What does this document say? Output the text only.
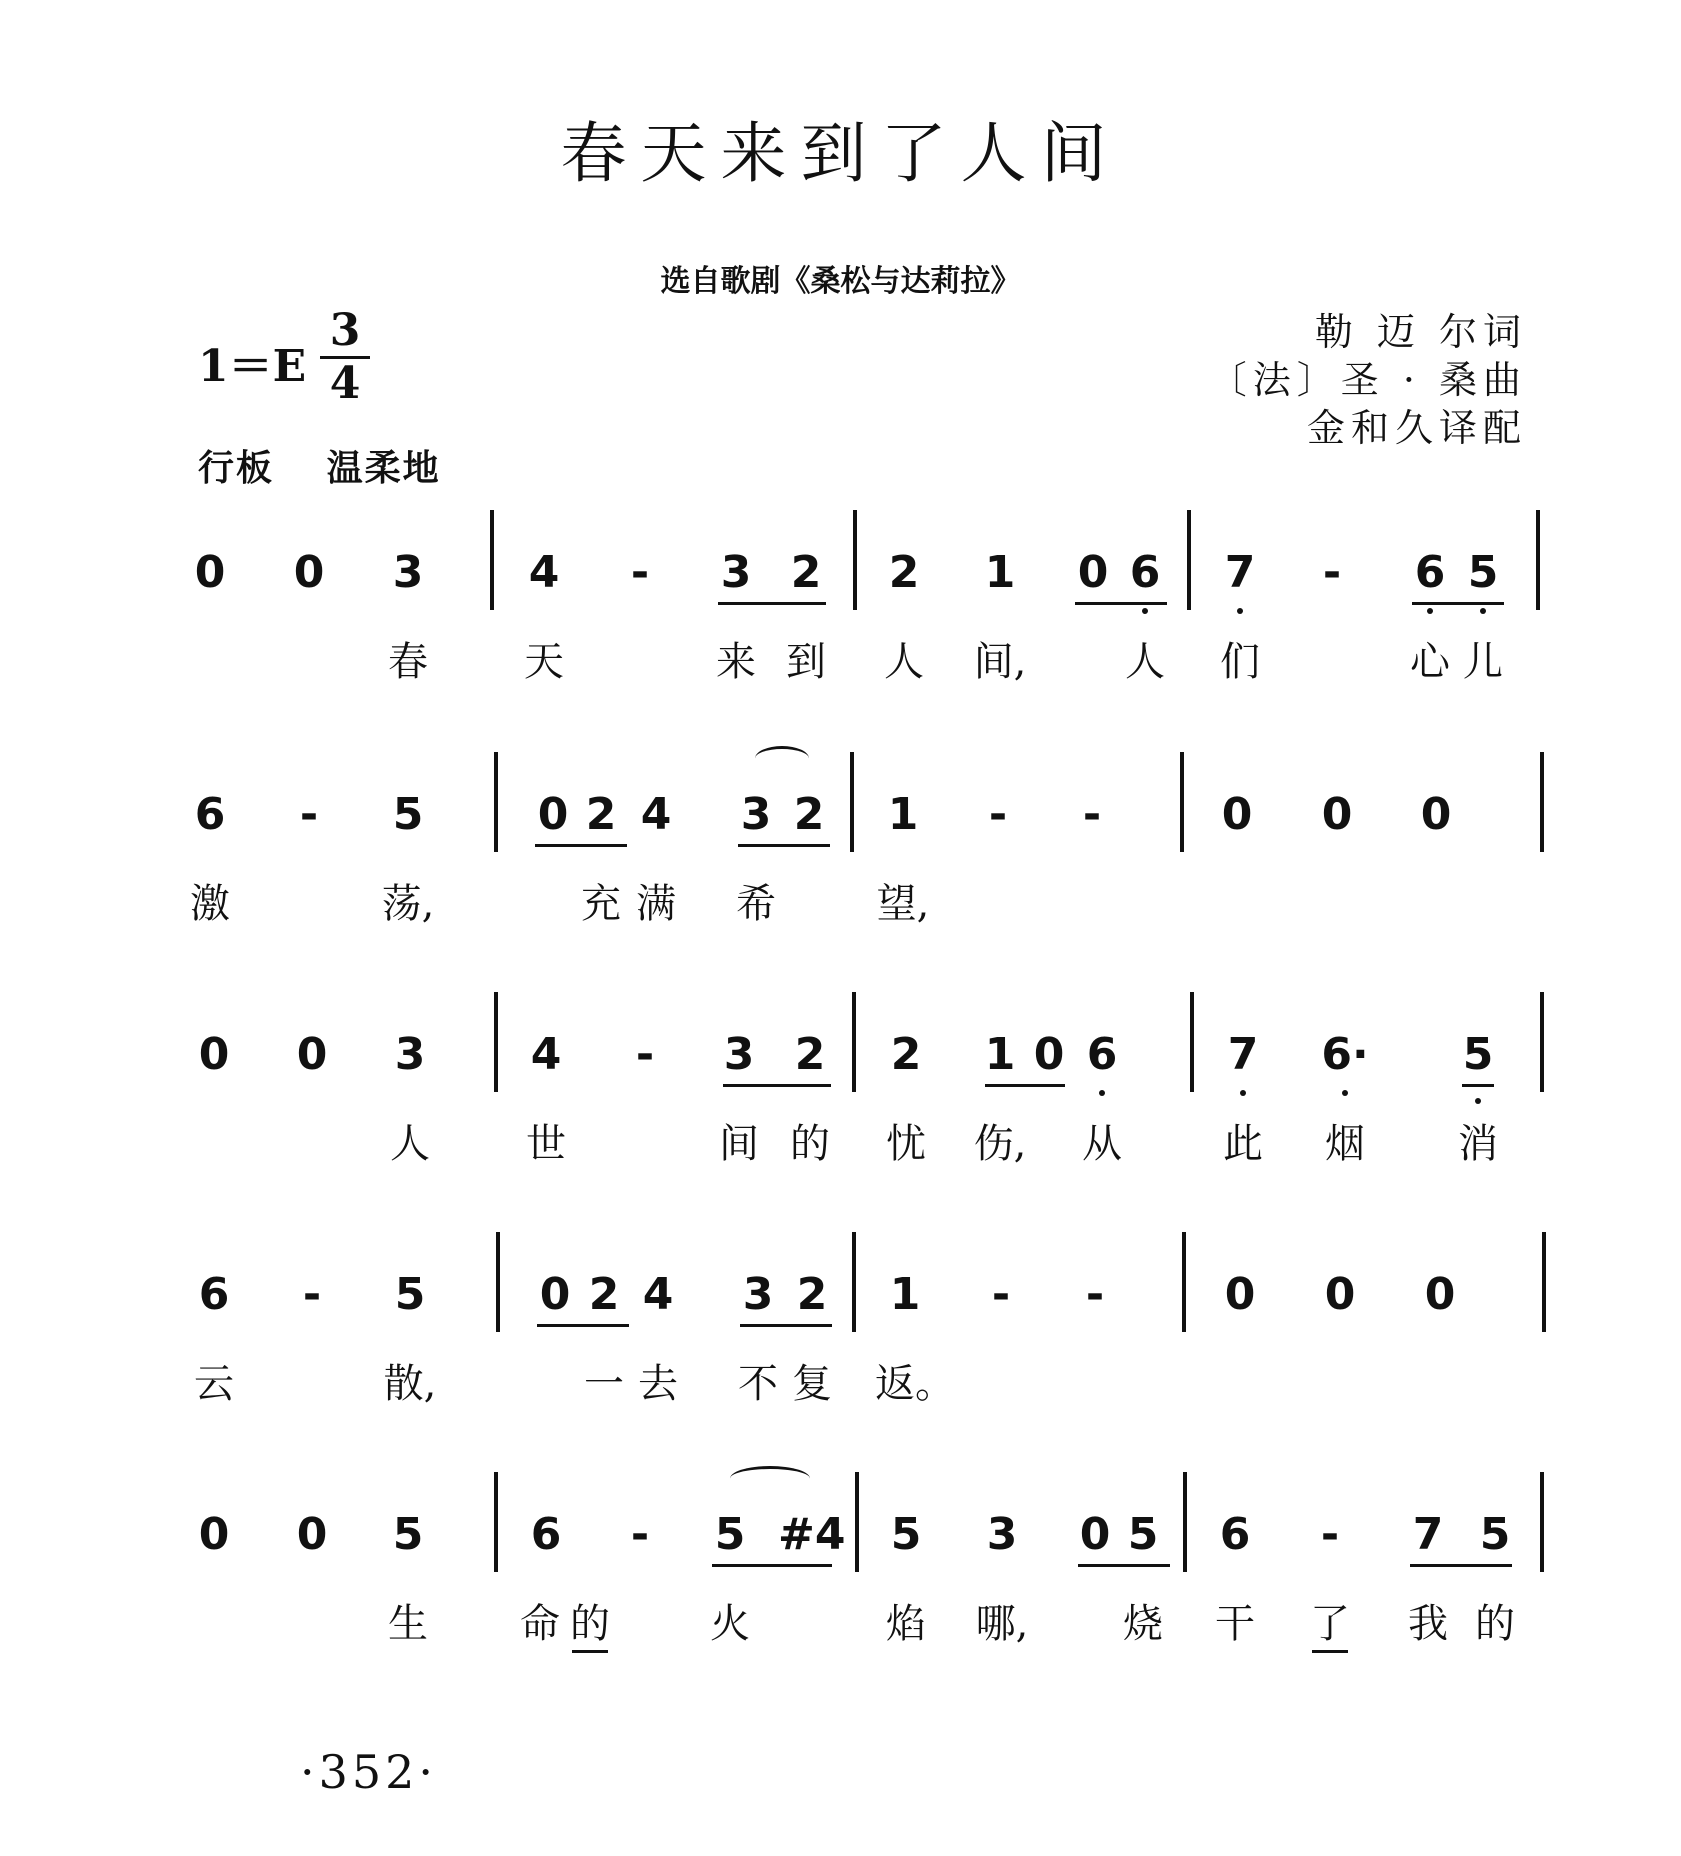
春天来到了人间
选自歌剧《桑松与达莉拉》
勒 迈 尔词
〔法〕圣 · 桑曲
金和久译配
$1=E \frac{3}{4}$
行板 温柔地
0 0 3 4	-	3 2 2 1 0 6 7	-	6 5
春 天	来 到 人 间, 人 们	心 儿
6	-	5	0 2 4 3 2 1	-	-	0 0 0
激	荡,	充 满 希	望,
0 0 3 4	-	3 2 2 1 0 6	7 6· 5
人 世	间 的 忧 伤, 从	此 烟 消
6	-	5	0 2 4 3 2 1	-	-	0 0 0
云	散,	一 去 不 复 返。
0 0 5 6	-	5 #4 5 3 0 5 6	-	7 5
生 命 的	火	焰 哪, 烧 干 了 我 的
·352·
